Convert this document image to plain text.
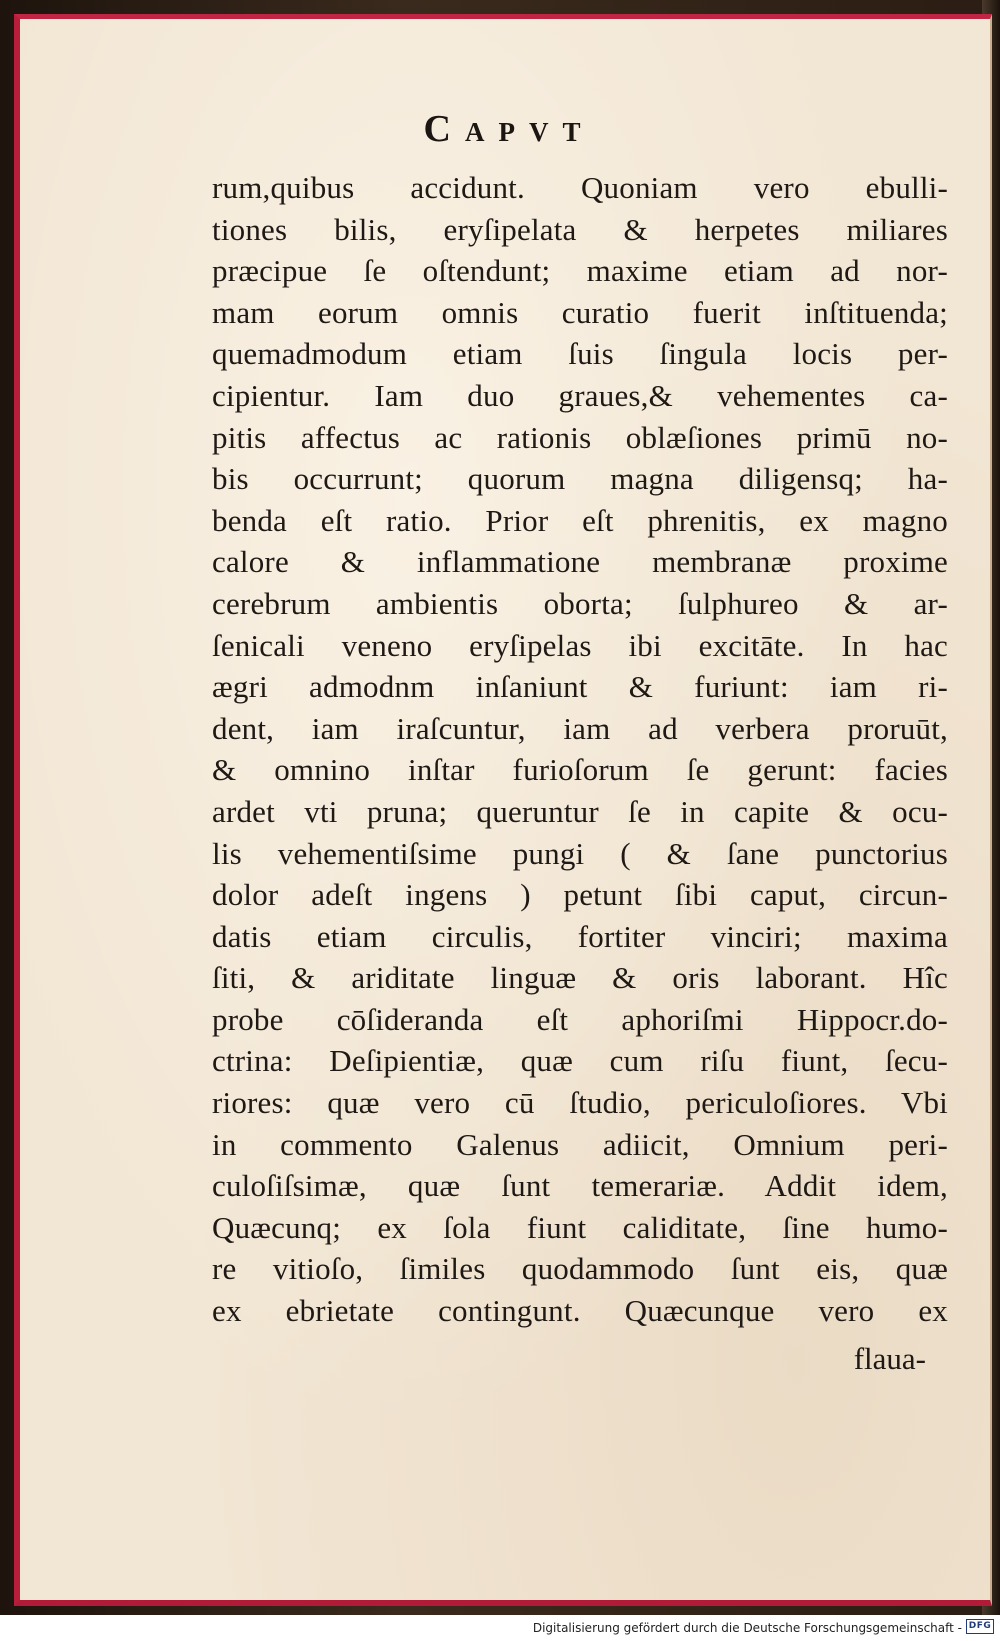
Capvt
rum,quibus accidunt. Quoniam vero ebulli-
tiones bilis, eryſipelata & herpetes miliares
præcipue ſe oſtendunt; maxime etiam ad nor-
mam eorum omnis curatio fuerit inſtituenda;
quemadmodum etiam ſuis ſingula locis per-
cipientur. Iam duo graues,& vehementes ca-
pitis affectus ac rationis oblæſiones primū no-
bis occurrunt; quorum magna diligensq; ha-
benda eſt ratio. Prior eſt phrenitis, ex magno
calore & inflammatione membranæ proxime
cerebrum ambientis oborta; ſulphureo & ar-
ſenicali veneno eryſipelas ibi excitāte. In hac
ægri admodnm inſaniunt & furiunt: iam ri-
dent, iam iraſcuntur, iam ad verbera proruūt,
& omnino inſtar furioſorum ſe gerunt: facies
ardet vti pruna; queruntur ſe in capite & ocu-
lis vehementiſsime pungi ( & ſane punctorius
dolor adeſt ingens ) petunt ſibi caput, circun-
datis etiam circulis, fortiter vinciri; maxima
ſiti, & ariditate linguæ & oris laborant. Hîc
probe cōſideranda eſt aphoriſmi Hippocr.do-
ctrina: Deſipientiæ, quæ cum riſu fiunt, ſecu-
riores: quæ vero cū ſtudio, periculoſiores. Vbi
in commento Galenus adiicit, Omnium peri-
culoſiſsimæ, quæ ſunt temerariæ. Addit idem,
Quæcunq; ex ſola fiunt caliditate, ſine humo-
re vitioſo, ſimiles quodammodo ſunt eis, quæ
ex ebrietate contingunt. Quæcunque vero ex
flaua-
Digitalisierung gefördert durch die Deutsche Forschungsgemeinschaft - DFG
